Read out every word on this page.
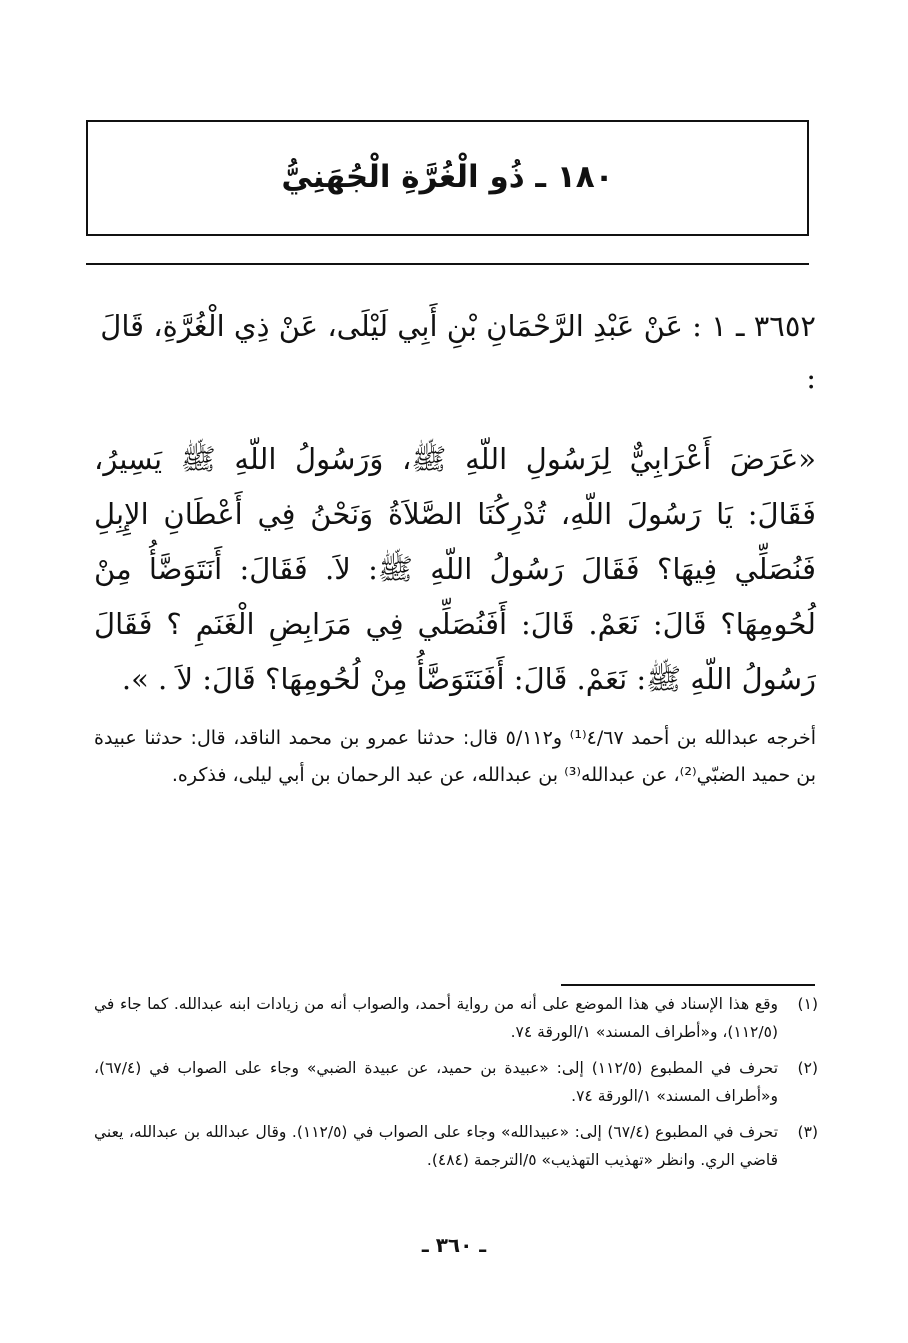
١٨٠ ـ ذُو الْغُرَّةِ الْجُهَنِيُّ
٣٦٥٢ ـ ١ : عَنْ عَبْدِ الرَّحْمَانِ بْنِ أَبِي لَيْلَى، عَنْ ذِي الْغُرَّةِ، قَالَ :
«عَرَضَ أَعْرَابِيٌّ لِرَسُولِ اللّهِ ﷺ، وَرَسُولُ اللّهِ ﷺ يَسِيرُ، فَقَالَ: يَا رَسُولَ اللّهِ، تُدْرِكُنَا الصَّلاَةُ وَنَحْنُ فِي أَعْطَانِ الإِبِلِ فَنُصَلِّي فِيهَا؟ فَقَالَ رَسُولُ اللّهِ ﷺ: لاَ. فَقَالَ: أَنَتَوَضَّأُ مِنْ لُحُومِهَا؟ قَالَ: نَعَمْ. قَالَ: أَفَنُصَلِّي فِي مَرَابِضِ الْغَنَمِ ؟ فَقَالَ رَسُولُ اللّهِ ﷺ: نَعَمْ. قَالَ: أَفَنَتَوَضَّأُ مِنْ لُحُومِهَا؟ قَالَ: لاَ . ».
أخرجه عبدالله بن أحمد ٤/٦٧⁽¹⁾ و٥/١١٢ قال: حدثنا عمرو بن محمد الناقد، قال: حدثنا عبيدة بن حميد الضبّي⁽²⁾، عن عبدالله⁽³⁾ بن عبدالله، عن عبد الرحمان بن أبي ليلى، فذكره.
(١)
وقع هذا الإسناد في هذا الموضع على أنه من رواية أحمد، والصواب أنه من زيادات ابنه عبدالله. كما جاء في (١١٢/٥)، و«أطراف المسند» ١/الورقة ٧٤.
(٢)
تحرف في المطبوع (١١٢/٥) إلى: «عبيدة بن حميد، عن عبيدة الضبي» وجاء على الصواب في (٦٧/٤)، و«أطراف المسند» ١/الورقة ٧٤.
(٣)
تحرف في المطبوع (٦٧/٤) إلى: «عبيدالله» وجاء على الصواب في (١١٢/٥). وقال عبدالله بن عبدالله، يعني قاضي الري. وانظر «تهذيب التهذيب» ٥/الترجمة (٤٨٤).
ـ ٣٦٠ ـ
